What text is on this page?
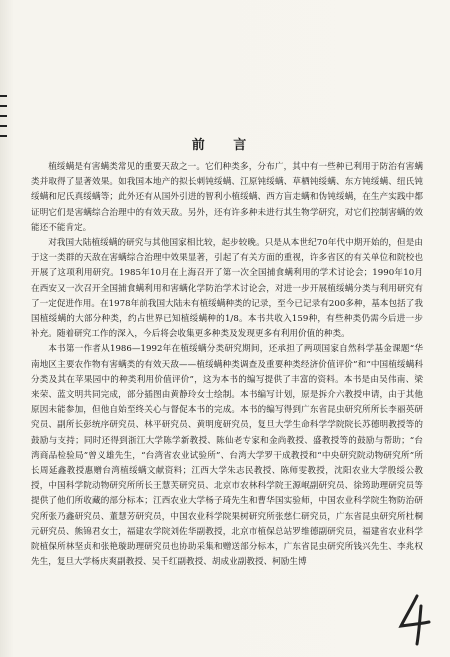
前 言

植绥螨是有害螨类常见的重要天敌之一。它们种类多，分布广，其中有一些种已利用于防治有害螨类并取得了显著效果。如我国本地产的拟长刺钝绥螨、江原钝绥螨、草栖钝绥螨、东方钝绥螨、纽氏钝绥螨和尼氏真绥螨等；此外还有从国外引进的智利小植绥螨、西方盲走螨和伪钝绥螨，在生产实践中都证明它们是害螨综合治理中的有效天敌。另外，还有许多种未进行其生物学研究，对它们控制害螨的效能还不能肯定。

对我国大陆植绥螨的研究与其他国家相比较，起步较晚。只是从本世纪70年代中期开始的，但是由于这一类群的天敌在害螨综合治理中效果显著，引起了有关方面的重视，许多省区的有关单位和院校也开展了这项利用研究。1985年10月在上海召开了第一次全国捕食螨利用的学术讨论会；1990年10月在西安又一次召开全国捕食螨利用和害螨化学防治学术讨论会，对进一步开展植绥螨分类与利用研究有了一定促进作用。在1978年前我国大陆未有植绥螨种类的记录，至今已记录有200多种，基本包括了我国植绥螨的大部分种类，约占世界已知植绥螨种的1/8。本书共收入159种，有些种类仍需今后进一步补充。随着研究工作的深入，今后将会收集更多种类及发现更多有利用价值的种类。

本书第一作者从1986—1992年在植绥螨分类研究期间，还承担了两项国家自然科学基金课题“华南地区主要农作物有害螨类的有效天敌——植绥螨种类调查及重要种类经济价值评价”和“中国植绥螨科分类及其在苹果园中的种类利用价值评价”，这为本书的编写提供了丰富的资料。本书是由吴伟南、梁来荣、蓝文明共同完成，部分插图由黄静玲女士绘制。本书编写计划，原是拆介六教授申请，由于其他原因未能参加，但他自始至终关心与督促本书的完成。本书的编写得到广东省昆虫研究所所长李丽英研究员、副所长彭统序研究员、林平研究员、黄明度研究员，复旦大学生命科学学院院长苏德明教授等的鼓励与支持；同时还得到浙江大学陈学新教授、陈仙老专家和金尚教授、盛教授等的鼓励与帮助；“台湾商品检验局”曾义雄先生，“台湾省农业试验所”、台湾大学罗干成教授和“中央研究院动物研究所”所长周延鑫教授惠赠台湾植绥螨文献资料；江西大学朱志民教授、陈师雯教授，沈阳农业大学殷绥公教授，中国科学院动物研究所所长王慧芙研究员、北京市农林科学院王源岷副研究员、徐筠助理研究员等提供了他们所收藏的部分标本；江西农业大学杨子琦先生和曹华国实验师，中国农业科学院生物防治研究所张乃鑫研究员、董慧芳研究员，中国农业科学院果树研究所张慈仁研究员，广东省昆虫研究所杜桐元研究员、熊锦君女士，福建农学院刘佐华副教授，北京市植保总站罗维德副研究员，福建省农业科学院植保所林坚贞和张艳璇助理研究员也协助采集和赠送部分标本，广东省昆虫研究所钱兴先生、李兆权先生，复旦大学杨庆爽副教授、吴千红副教授、胡成业副教授、柯励生博
